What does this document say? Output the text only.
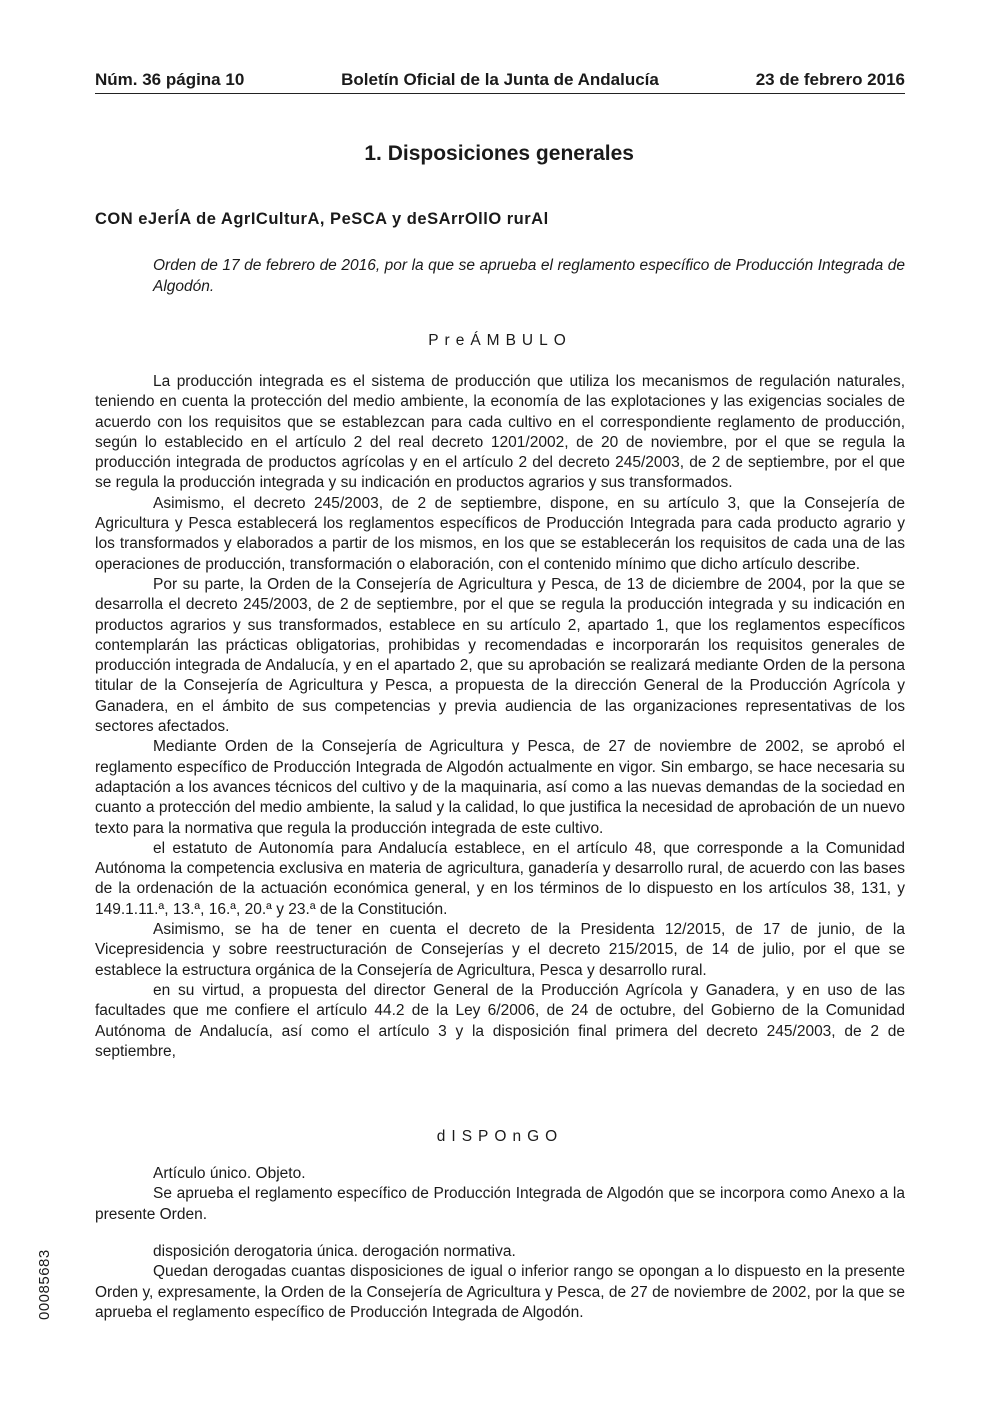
Núm. 36 página 10	Boletín Oficial de la Junta de Andalucía	23 de febrero 2016
1. Disposiciones generales
CON eJerÍA de AgrICulturA, PeSCA y deSArrOllO rurAl
Orden de 17 de febrero de 2016, por la que se aprueba el reglamento específico de Producción Integrada de Algodón.
PreÁMBULO

La producción integrada es el sistema de producción que utiliza los mecanismos de regulación naturales, teniendo en cuenta la protección del medio ambiente, la economía de las explotaciones y las exigencias sociales de acuerdo con los requisitos que se establezcan para cada cultivo en el correspondiente reglamento de producción, según lo establecido en el artículo 2 del real decreto 1201/2002, de 20 de noviembre, por el que se regula la producción integrada de productos agrícolas y en el artículo 2 del decreto 245/2003, de 2 de septiembre, por el que se regula la producción integrada y su indicación en productos agrarios y sus transformados.

Asimismo, el decreto 245/2003, de 2 de septiembre, dispone, en su artículo 3, que la Consejería de Agricultura y Pesca establecerá los reglamentos específicos de Producción Integrada para cada producto agrario y los transformados y elaborados a partir de los mismos, en los que se establecerán los requisitos de cada una de las operaciones de producción, transformación o elaboración, con el contenido mínimo que dicho artículo describe.

Por su parte, la Orden de la Consejería de Agricultura y Pesca, de 13 de diciembre de 2004, por la que se desarrolla el decreto 245/2003, de 2 de septiembre, por el que se regula la producción integrada y su indicación en productos agrarios y sus transformados, establece en su artículo 2, apartado 1, que los reglamentos específicos contemplarán las prácticas obligatorias, prohibidas y recomendadas e incorporarán los requisitos generales de producción integrada de Andalucía, y en el apartado 2, que su aprobación se realizará mediante Orden de la persona titular de la Consejería de Agricultura y Pesca, a propuesta de la dirección General de la Producción Agrícola y Ganadera, en el ámbito de sus competencias y previa audiencia de las organizaciones representativas de los sectores afectados.

Mediante Orden de la Consejería de Agricultura y Pesca, de 27 de noviembre de 2002, se aprobó el reglamento específico de Producción Integrada de Algodón actualmente en vigor. Sin embargo, se hace necesaria su adaptación a los avances técnicos del cultivo y de la maquinaria, así como a las nuevas demandas de la sociedad en cuanto a protección del medio ambiente, la salud y la calidad, lo que justifica la necesidad de aprobación de un nuevo texto para la normativa que regula la producción integrada de este cultivo.

el estatuto de Autonomía para Andalucía establece, en el artículo 48, que corresponde a la Comunidad Autónoma la competencia exclusiva en materia de agricultura, ganadería y desarrollo rural, de acuerdo con las bases de la ordenación de la actuación económica general, y en los términos de lo dispuesto en los artículos 38, 131, y 149.1.11.ª, 13.ª, 16.ª, 20.ª y 23.ª de la Constitución.

Asimismo, se ha de tener en cuenta el decreto de la Presidenta 12/2015, de 17 de junio, de la Vicepresidencia y sobre reestructuración de Consejerías y el decreto 215/2015, de 14 de julio, por el que se establece la estructura orgánica de la Consejería de Agricultura, Pesca y desarrollo rural.

en su virtud, a propuesta del director General de la Producción Agrícola y Ganadera, y en uso de las facultades que me confiere el artículo 44.2 de la Ley 6/2006, de 24 de octubre, del Gobierno de la Comunidad Autónoma de Andalucía, así como el artículo 3 y la disposición final primera del decreto 245/2003, de 2 de septiembre,

dISPOnGO

Artículo único. Objeto.

Se aprueba el reglamento específico de Producción Integrada de Algodón que se incorpora como Anexo a la presente Orden.

disposición derogatoria única. derogación normativa.

Quedan derogadas cuantas disposiciones de igual o inferior rango se opongan a lo dispuesto en la presente Orden y, expresamente, la Orden de la Consejería de Agricultura y Pesca, de 27 de noviembre de 2002, por la que se aprueba el reglamento específico de Producción Integrada de Algodón.

00085683
